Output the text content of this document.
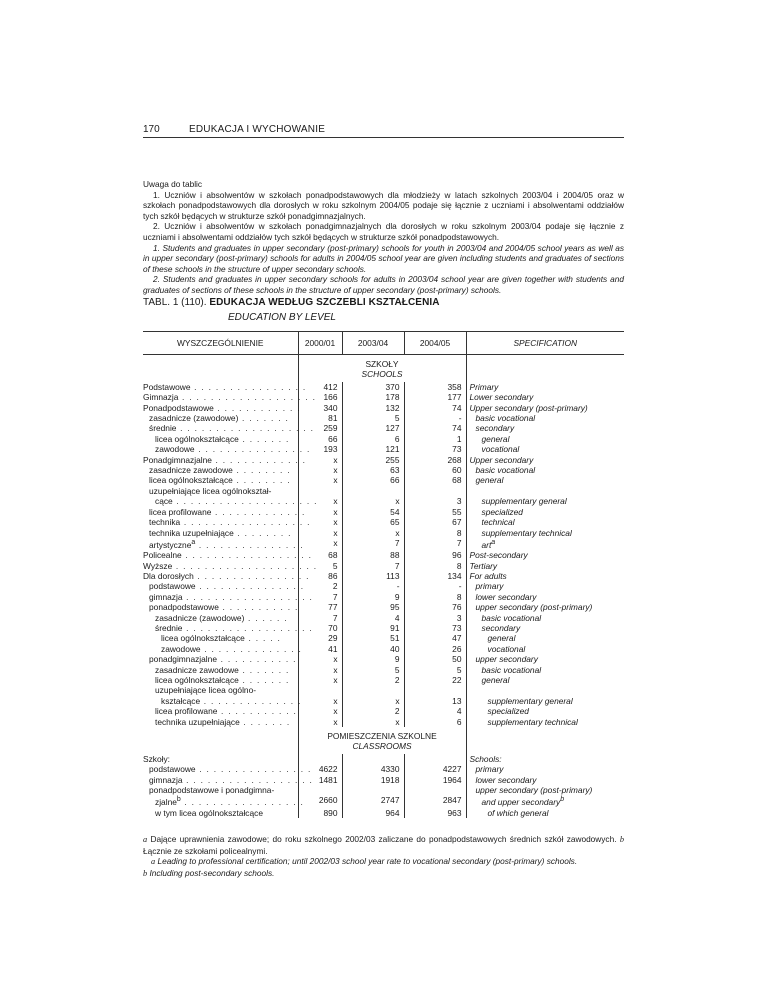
170	EDUKACJA I WYCHOWANIE

Uwaga do tablic

1. Uczniów i absolwentów w szkołach ponadpodstawowych dla młodzieży w latach szkolnych 2003/04 i 2004/05 oraz w szkołach ponadpodstawowych dla dorosłych w roku szkolnym 2004/05 podaje się łącznie z uczniami i absolwentami oddziałów tych szkół będących w strukturze szkół ponadgimnazjalnych.

2. Uczniów i absolwentów w szkołach ponadgimnazjalnych dla dorosłych w roku szkolnym 2003/04 podaje się łącznie z uczniami i absolwentami oddziałów tych szkół będących w strukturze szkół ponadpodstawowych.

1. Students and graduates in upper secondary (post-primary) schools for youth in 2003/04 and 2004/05 school years as well as in upper secondary (post-primary) schools for adults in 2004/05 school year are given including students and graduates of sections of these schools in the structure of upper secondary schools.

2. Students and graduates in upper secondary schools for adults in 2003/04 school year are given together with students and graduates of sections of these schools in the structure of upper secondary (post-primary) schools.

TABL. 1 (110). EDUKACJA WEDŁUG SZCZEBLI KSZTAŁCENIA
EDUCATION BY LEVEL
WYSZCZEGÓLNIENIE	2000/01	2003/04	2004/05	SPECIFICATION

	SZKOŁY
SCHOOLS			

Podstawowe . . . . . . . . . . . . . . . .	412	370	358	Primary
Gimnazja . . . . . . . . . . . . . . . . . . .	166	178	177	Lower secondary
Ponadpodstawowe . . . . . . . . . . . .	340	132	74	Upper secondary (post-primary)
zasadnicze (zawodowe) . . . . . . .	81	5	-	basic vocational
średnie . . . . . . . . . . . . . . . . . . .	259	127	74	secondary
licea ogólnokształcące . . . . . . .	66	6	1	general
zawodowe . . . . . . . . . . . . . . . .	193	121	73	vocational
Ponadgimnazjalne . . . . . . . . . . . . .	x	255	268	Upper secondary
zasadnicze zawodowe . . . . . . . .	x	63	60	basic vocational
licea ogólnokształcące . . . . . . . .	x	66	68	general
uzupełniające licea ogólnokształ-				
cące . . . . . . . . . . . . . . . . . . . .	x	x	3	supplementary general
licea profilowane . . . . . . . . . . . . .	x	54	55	specialized
technika . . . . . . . . . . . . . . . . . .	x	65	67	technical
technika uzupełniające . . . . . . . .	x	x	8	supplementary technical
artystyczne$^a$ . . . . . . . . . . . . . . .	x	7	7	art$^a$
Policealne . . . . . . . . . . . . . . . . . .	68	88	96	Post-secondary
Wyższe . . . . . . . . . . . . . . . . . . . .	5	7	8	Tertiary
Dla dorosłych . . . . . . . . . . . . . . . .	86	113	134	For adults
podstawowe . . . . . . . . . . . . . . .	2	-	-	primary
gimnazja . . . . . . . . . . . . . . . . . .	7	9	8	lower secondary
ponadpodstawowe . . . . . . . . . . .	77	95	76	upper secondary (post-primary)
zasadnicze (zawodowe) . . . . . .	7	4	3	basic vocational
średnie . . . . . . . . . . . . . . . . . .	70	91	73	secondary
licea ogólnokształcące . . . . .	29	51	47	general
zawodowe . . . . . . . . . . . . . .	41	40	26	vocational
ponadgimnazjalne . . . . . . . . . . .	x	9	50	upper secondary
zasadnicze zawodowe . . . . . . .	x	5	5	basic vocational
licea ogólnokształcące . . . . . . .	x	2	22	general
uzupełniające licea ogólno-				
kształcące . . . . . . . . . . . . . .	x	x	13	supplementary general
licea profilowane . . . . . . . . . . .	x	2	4	specialized
technika uzupełniające . . . . . . .	x	x	6	supplementary technical

	POMIESZCZENIA SZKOLNE
CLASSROOMS			

Szkoły:				Schools:
podstawowe . . . . . . . . . . . . . . . .	4622	4330	4227	primary
gimnazja . . . . . . . . . . . . . . . . . .	1481	1918	1964	lower secondary
ponadpodstawowe i ponadgimna-				upper secondary (post-primary)
zjalne$^b$ . . . . . . . . . . . . . . . . .	2660	2747	2847	and upper secondary$^b$
w tym licea ogólnokształcące	890	964	963	of which general

a Dające uprawnienia zawodowe; do roku szkolnego 2002/03 zaliczane do ponadpodstawowych średnich szkół zawodowych. b Łącznie ze szkołami policealnymi.

a Leading to professional certification; until 2002/03 school year rate to vocational secondary (post-primary) schools.

b Including post-secondary schools.
